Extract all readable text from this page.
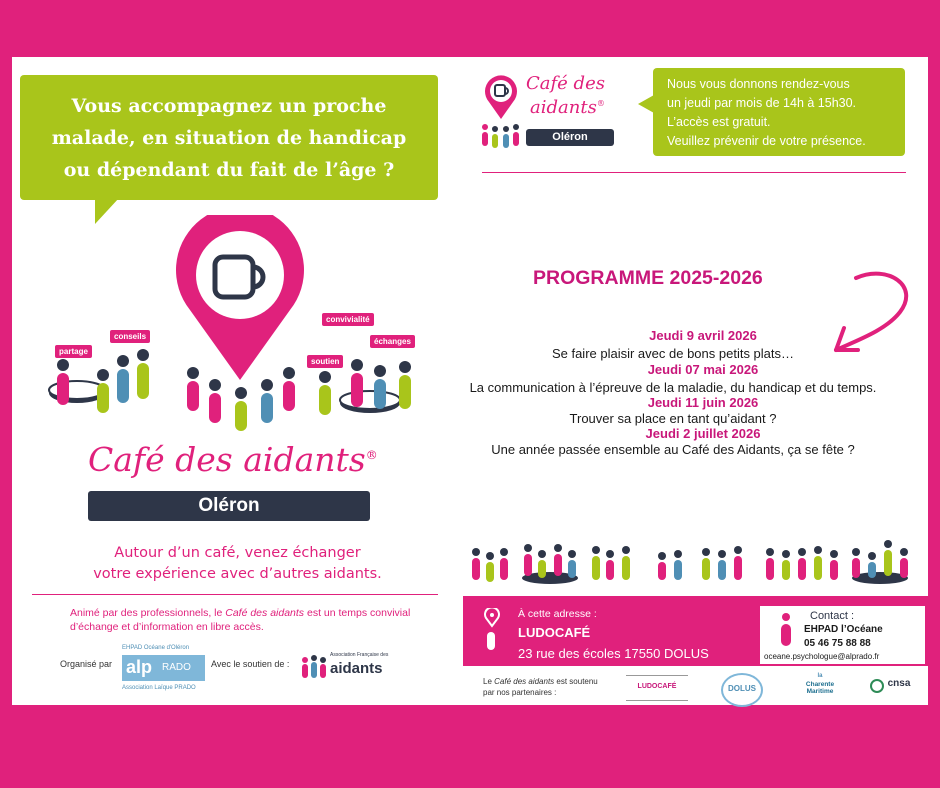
Vous accompagnez un proche
malade, en situation de handicap
ou dépendant du fait de l’âge ?
Café des
aidants®
Oléron
Nous vous donnons rendez-vous
un jeudi par mois de 14h à 15h30.
L’accès est gratuit.
Veuillez prévenir de votre présence.
partage
conseils
convivialité
soutien
échanges
Café des aidants®
Oléron
Autour d’un café, venez échanger
votre expérience avec d’autres aidants.
Animé par des professionnels, le Café des aidants est un temps convivial d’échange et d’information en libre accès.
Organisé par
EHPAD Océane d'Oléron
alp RADO
Association Laïque PRADO
Avec le soutien de :
Association Française des
aidants
PROGRAMME 2025-2026
Jeudi 9 avril 2026
Se faire plaisir avec de bons petits plats…
Jeudi 07 mai 2026
La communication à l’épreuve de la maladie, du handicap et du temps.
Jeudi 11 juin 2026
Trouver sa place en tant qu’aidant ?
Jeudi 2 juillet 2026
Une année passée ensemble au Café des Aidants, ça se fête ?
À cette adresse :
LUDOCAFÉ
23 rue des écoles 17550 DOLUS
Contact :
EHPAD l’Océane
05 46 75 88 88
oceane.psychologue@alprado.fr
Le Café des aidants est soutenu par nos partenaires :
LUDOCAFÉ	DOLUS
la
Charente Maritime
cnsa
